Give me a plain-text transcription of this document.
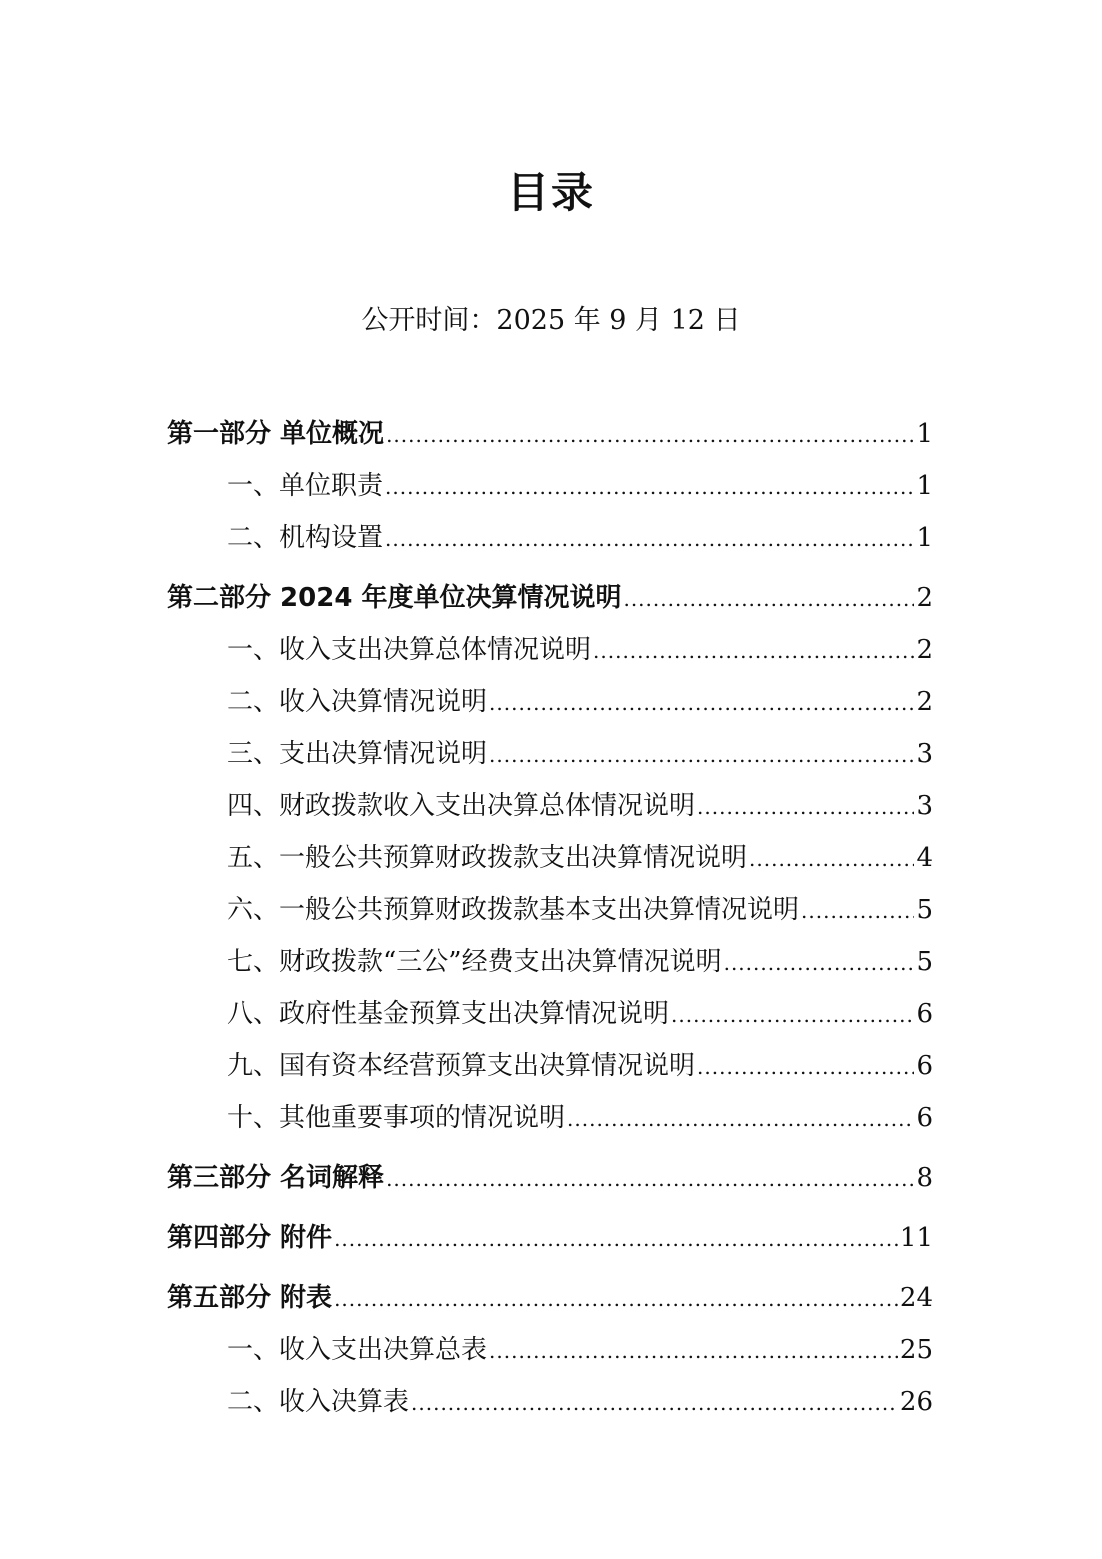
目录
公开时间：2025 年 9 月 12 日
第一部分 单位概况 .....	1
一、单位职责 .....	1
二、机构设置 .....	1
第二部分 2024 年度单位决算情况说明 .....	2
一、收入支出决算总体情况说明 .....	2
二、收入决算情况说明 .....	2
三、支出决算情况说明 .....	3
四、财政拨款收入支出决算总体情况说明 .....	3
五、一般公共预算财政拨款支出决算情况说明 .....	4
六、一般公共预算财政拨款基本支出决算情况说明 .....	5
七、财政拨款“三公”经费支出决算情况说明 .....	5
八、政府性基金预算支出决算情况说明 .....	6
九、国有资本经营预算支出决算情况说明 .....	6
十、其他重要事项的情况说明 .....	6
第三部分 名词解释 .....	8
第四部分 附件 .....	11
第五部分 附表 .....	24
一、收入支出决算总表 .....	25
二、收入决算表 .....	26
